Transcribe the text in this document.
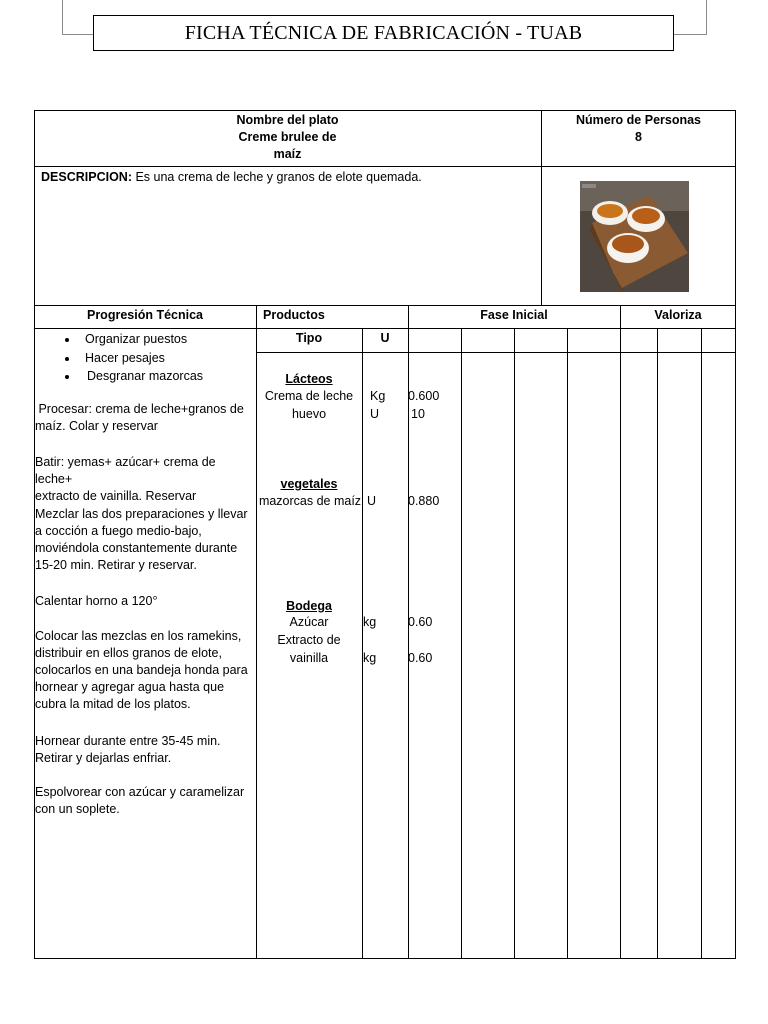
FICHA TÉCNICA DE FABRICACIÓN - TUAB
Nombre del plato
Creme brulee de
maíz
Número de Personas
8
DESCRIPCION: Es una crema de leche y granos de elote quemada.
Progresión Técnica	Productos	Fase Inicial	Valoriza
Tipo	U
• Organizar puestos
• Hacer pesajes
• Desgranar mazorcas
Procesar: crema de leche+granos de
maíz. Colar y reservar
Batir: yemas+ azúcar+ crema de leche+
extracto de vainilla. Reservar
Mezclar las dos preparaciones y llevar
a cocción a fuego medio-bajo,
moviéndola constantemente durante
15-20 min. Retirar y reservar.
Calentar horno a 120°
Colocar las mezclas en los ramekins,
distribuir en ellos granos de elote,
colocarlos en una bandeja honda para
hornear y agregar agua hasta que
cubra la mitad de los platos.
Hornear durante entre 35-45 min.
Retirar y dejarlas enfriar.
Espolvorear con azúcar y caramelizar
con un soplete.
Lácteos
Crema de leche	Kg 0.600
huevo	U	10
vegetales
mazorcas de maíz U	0.880
Bodega
Azúcar	kg	0.60
Extracto de
vainilla	kg	0.60
